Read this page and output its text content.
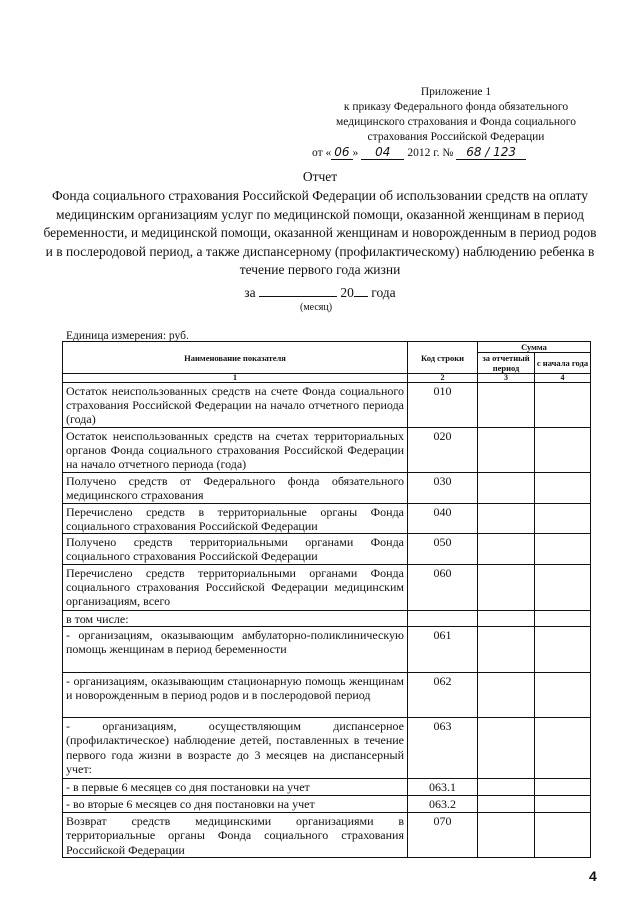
Приложение 1
к приказу Федерального фонда обязательного
медицинского страхования и Фонда социального
страхования Российской Федерации
от « 06 » 04 2012 г. № 68 / 123
Отчет
Фонда социального страхования Российской Федерации об использовании средств на оплату медицинским организациям услуг по медицинской помощи, оказанной женщинам в период беременности, и медицинской помощи, оказанной женщинам и новорожденным в период родов и в послеродовой период, а также диспансерному (профилактическому) наблюдению ребенка в течение первого года жизни
за	20 года
(месяц)
Единица измерения: руб.
Наименование показателя	Код строки	Сумма	
		за отчетный период	с начала года
1	2	3	4
Остаток неиспользованных средств на счете Фонда социального страхования Российской Федерации на начало отчетного периода (года)	010		
Остаток неиспользованных средств на счетах территориальных органов Фонда социального страхования Российской Федерации на начало отчетного периода (года)	020		
Получено средств от Федерального фонда обязательного медицинского страхования	030		
Перечислено средств в территориальные органы Фонда социального страхования Российской Федерации	040		
Получено средств территориальными органами Фонда социального страхования Российской Федерации	050		
Перечислено средств территориальными органами Фонда социального страхования Российской Федерации медицинским организациям, всего	060		
в том числе:			
- организациям, оказывающим амбулаторно-поликлиническую помощь женщинам в период беременности	061		
- организациям, оказывающим стационарную помощь женщинам и новорожденным в период родов и в послеродовой период	062		
- организациям, осуществляющим диспансерное (профилактическое) наблюдение детей, поставленных в течение первого года жизни в возрасте до 3 месяцев на диспансерный учет:	063		
- в первые 6 месяцев со дня постановки на учет	063.1		
- во вторые 6 месяцев со дня постановки на учет	063.2		
Возврат средств медицинскими организациями в территориальные органы Фонда социального страхования Российской Федерации	070		
4
